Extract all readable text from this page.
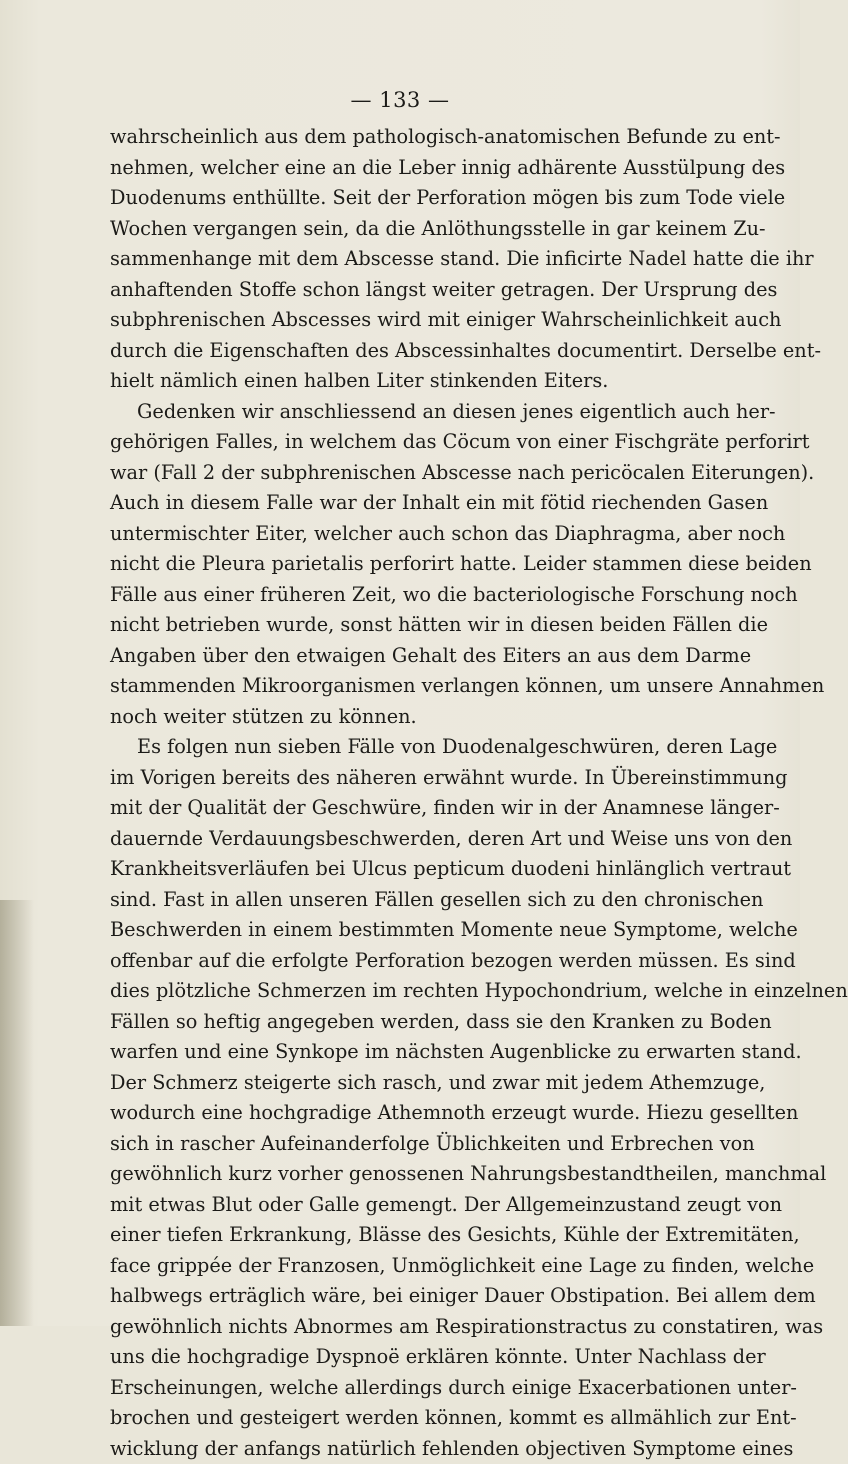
— 133 —
wahrscheinlich aus dem pathologisch-anatomischen Befunde zu ent-
nehmen, welcher eine an die Leber innig adhärente Ausstülpung des
Duodenums enthüllte. Seit der Perforation mögen bis zum Tode viele
Wochen vergangen sein, da die Anlöthungsstelle in gar keinem Zu-
sammenhange mit dem Abscesse stand. Die inficirte Nadel hatte die ihr
anhaftenden Stoffe schon längst weiter getragen. Der Ursprung des
subphrenischen Abscesses wird mit einiger Wahrscheinlichkeit auch
durch die Eigenschaften des Abscessinhaltes documentirt. Derselbe ent-
hielt nämlich einen halben Liter stinkenden Eiters.
Gedenken wir anschliessend an diesen jenes eigentlich auch her-
gehörigen Falles, in welchem das Cöcum von einer Fischgräte perforirt
war (Fall 2 der subphrenischen Abscesse nach pericöcalen Eiterungen).
Auch in diesem Falle war der Inhalt ein mit fötid riechenden Gasen
untermischter Eiter, welcher auch schon das Diaphragma, aber noch
nicht die Pleura parietalis perforirt hatte. Leider stammen diese beiden
Fälle aus einer früheren Zeit, wo die bacteriologische Forschung noch
nicht betrieben wurde, sonst hätten wir in diesen beiden Fällen die
Angaben über den etwaigen Gehalt des Eiters an aus dem Darme
stammenden Mikroorganismen verlangen können, um unsere Annahmen
noch weiter stützen zu können.
Es folgen nun sieben Fälle von Duodenalgeschwüren, deren Lage
im Vorigen bereits des näheren erwähnt wurde. In Übereinstimmung
mit der Qualität der Geschwüre, finden wir in der Anamnese länger-
dauernde Verdauungsbeschwerden, deren Art und Weise uns von den
Krankheitsverläufen bei Ulcus pepticum duodeni hinlänglich vertraut
sind. Fast in allen unseren Fällen gesellen sich zu den chronischen
Beschwerden in einem bestimmten Momente neue Symptome, welche
offenbar auf die erfolgte Perforation bezogen werden müssen. Es sind
dies plötzliche Schmerzen im rechten Hypochondrium, welche in einzelnen
Fällen so heftig angegeben werden, dass sie den Kranken zu Boden
warfen und eine Synkope im nächsten Augenblicke zu erwarten stand.
Der Schmerz steigerte sich rasch, und zwar mit jedem Athemzuge,
wodurch eine hochgradige Athemnoth erzeugt wurde. Hiezu gesellten
sich in rascher Aufeinanderfolge Üblichkeiten und Erbrechen von
gewöhnlich kurz vorher genossenen Nahrungsbestandtheilen, manchmal
mit etwas Blut oder Galle gemengt. Der Allgemeinzustand zeugt von
einer tiefen Erkrankung, Blässe des Gesichts, Kühle der Extremitäten,
face grippée der Franzosen, Unmöglichkeit eine Lage zu finden, welche
halbwegs erträglich wäre, bei einiger Dauer Obstipation. Bei allem dem
gewöhnlich nichts Abnormes am Respirationstractus zu constatiren, was
uns die hochgradige Dyspnoë erklären könnte. Unter Nachlass der
Erscheinungen, welche allerdings durch einige Exacerbationen unter-
brochen und gesteigert werden können, kommt es allmählich zur Ent-
wicklung der anfangs natürlich fehlenden objectiven Symptome eines
